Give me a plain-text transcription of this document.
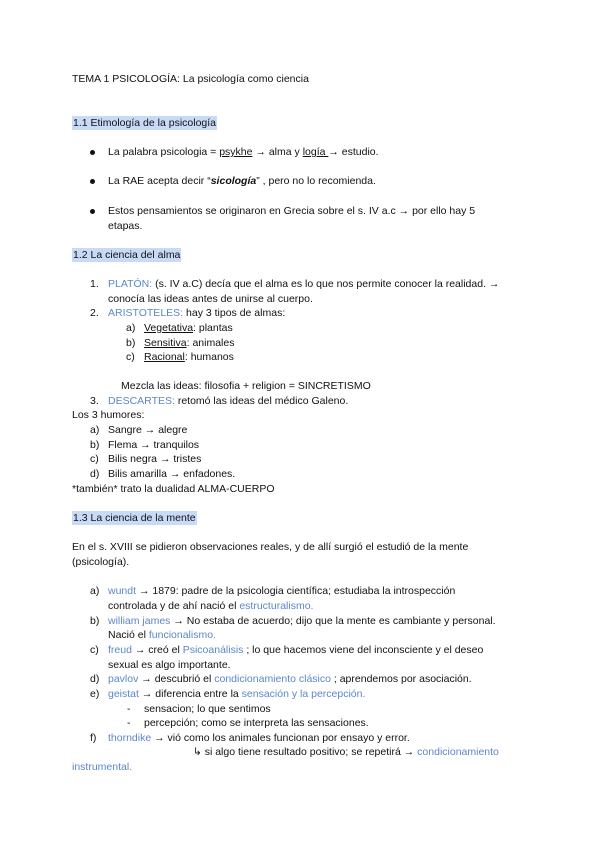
TEMA 1 PSICOLOGÍA: La psicología como ciencia
1.1 Etimología de la psicología
La palabra psicologia = psykhe → alma y logía → estudio.
La RAE acepta decir “sicología” , pero no lo recomienda.
Estos pensamientos se originaron en Grecia sobre el s. IV a.c → por ello hay 5
etapas.
1.2 La ciencia del alma
1. PLATÓN: (s. IV a.C) decía que el alma es lo que nos permite conocer la realidad. →
conocía las ideas antes de unirse al cuerpo.
2. ARISTOTELES: hay 3 tipos de almas:
a) Vegetativa: plantas
b) Sensitiva: animales
c) Racional: humanos
Mezcla las ideas: filosofia + religion = SINCRETISMO
3. DESCARTES: retomó las ideas del médico Galeno.
Los 3 humores:
a) Sangre → alegre
b) Flema → tranquilos
c) Bilis negra → tristes
d) Bilis amarilla → enfadones.
*también* trato la dualidad ALMA-CUERPO
1.3 La ciencia de la mente
En el s. XVIII se pidieron observaciones reales, y de allí surgió el estudió de la mente
(psicología).
a) wundt → 1879: padre de la psicologia científica; estudiaba la introspección
controlada y de ahí nació el estructuralismo.
b) william james → No estaba de acuerdo; dijo que la mente es cambiante y personal.
Nació el funcionalismo.
c) freud → creó el Psicoanálisis ; lo que hacemos viene del inconsciente y el deseo
sexual es algo importante.
d) pavlov → descubrió el condicionamiento clásico ; aprendemos por asociación.
e) geistat → diferencia entre la sensación y la percepción.
- sensacion; lo que sentimos
- percepción; como se interpreta las sensaciones.
f) thorndike → vió como los animales funcionan por ensayo y error.
↳ si algo tiene resultado positivo; se repetirá → condicionamiento
instrumental.
